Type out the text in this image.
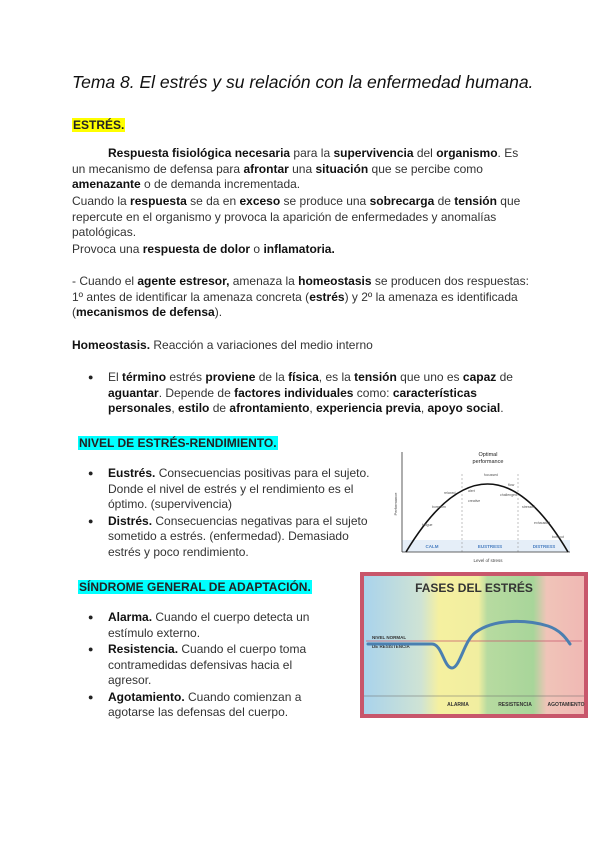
Tema 8. El estrés y su relación con la enfermedad humana.
ESTRÉS.
Respuesta fisiológica necesaria para la supervivencia del organismo. Es un mecanismo de defensa para afrontar una situación que se percibe como amenazante o de demanda incrementada.
Cuando la respuesta se da en exceso se produce una sobrecarga de tensión que repercute en el organismo y provoca la aparición de enfermedades y anomalías patológicas.
Provoca una respuesta de dolor o inflamatoria.
- Cuando el agente estresor, amenaza la homeostasis se producen dos respuestas: 1º antes de identificar la amenaza concreta (estrés) y 2º la amenaza es identificada (mecanismos de defensa).
Homeostasis. Reacción a variaciones del medio interno
● El término estrés proviene de la física, es la tensión que uno es capaz de aguantar. Depende de factores individuales como: características personales, estilo de afrontamiento, experiencia previa, apoyo social.
NIVEL DE ESTRÉS-RENDIMIENTO.
● Eustrés. Consecuencias positivas para el sujeto. Donde el nivel de estrés y el rendimiento es el óptimo. (supervivencia)
● Distrés. Consecuencias negativas para el sujeto sometido a estrés. (enfermedad). Demasiado estrés y poco rendimiento.
Optimal
performance
Performance
Level of stress
CALM	EUSTRESS	DISTRESS
fatigue
boredom
relaxed	alert
focussed
creative
challenged
flow
stressed
exhausted
burnout
SÍNDROME GENERAL DE ADAPTACIÓN.
● Alarma. Cuando el cuerpo detecta un estímulo externo.
● Resistencia. Cuando el cuerpo toma contramedidas defensivas hacia el agresor.
● Agotamiento. Cuando comienzan a agotarse las defensas del cuerpo.
FASES DEL ESTRÉS
NIVEL NORMAL
DE RESISTENCIA
ALARMA	RESISTENCIA	AGOTAMIENTO
